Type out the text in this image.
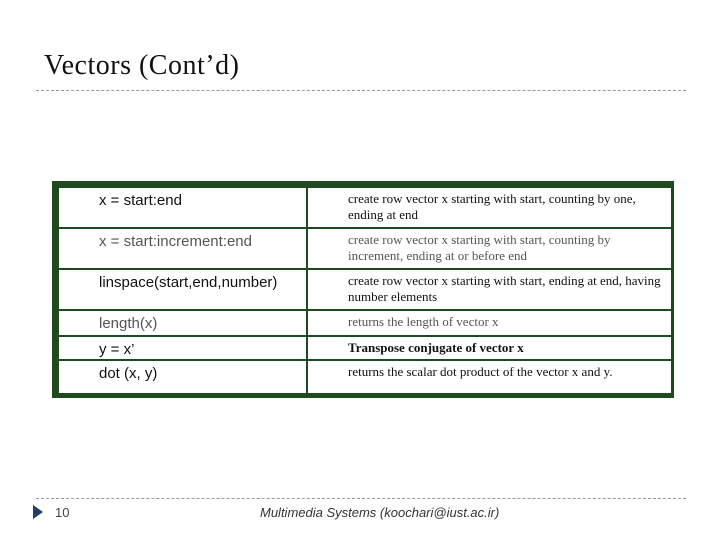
Vectors (Cont’d)
x = start:end	create row vector x starting with start, counting by one, ending at end
x = start:increment:end	create row vector x starting with start, counting by increment, ending at or before end
linspace(start,end,number)	create row vector x starting with start, ending at end, having number elements
length(x)	returns the length of vector x
y = x’	Transpose conjugate of vector x
dot (x, y)	returns the scalar dot product of the vector x and y.
10	Multimedia Systems (koochari@iust.ac.ir)
